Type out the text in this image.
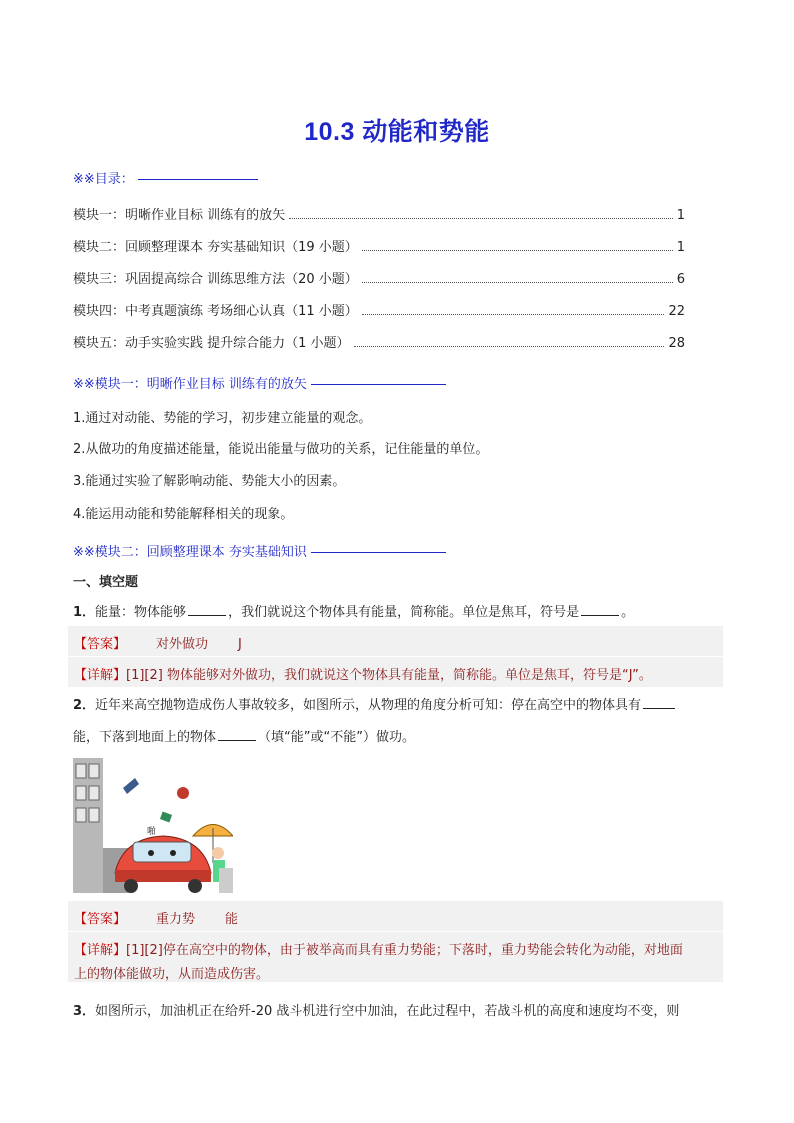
10.3 动能和势能
※※目录：
模块一：明晰作业目标 训练有的放矢	1
模块二：回顾整理课本 夯实基础知识（19 小题）	1
模块三：巩固提高综合 训练思维方法（20 小题）	6
模块四：中考真题演练 考场细心认真（11 小题）	22
模块五：动手实验实践 提升综合能力（1 小题）	28
※※模块一：明晰作业目标 训练有的放矢
1.通过对动能、势能的学习，初步建立能量的观念。
2.从做功的角度描述能量，能说出能量与做功的关系，记住能量的单位。
3.能通过实验了解影响动能、势能大小的因素。
4.能运用动能和势能解释相关的现象。
※※模块二：回顾整理课本 夯实基础知识
一、填空题
1．能量：物体能够	，我们就说这个物体具有能量，简称能。单位是焦耳，符号是	。
【答案】 对外做功 J
【详解】[1][2] 物体能够对外做功，我们就说这个物体具有能量，简称能。单位是焦耳，符号是“J”。
2．近年来高空抛物造成伤人事故较多，如图所示，从物理的角度分析可知：停在高空中的物体具有
能，下落到地面上的物体	（填“能”或“不能”）做功。
啪
【答案】 重力势 能
【详解】[1][2]停在高空中的物体，由于被举高而具有重力势能；下落时，重力势能会转化为动能，对地面
上的物体能做功，从而造成伤害。
3．如图所示，加油机正在给歼-20 战斗机进行空中加油，在此过程中，若战斗机的高度和速度均不变，则
